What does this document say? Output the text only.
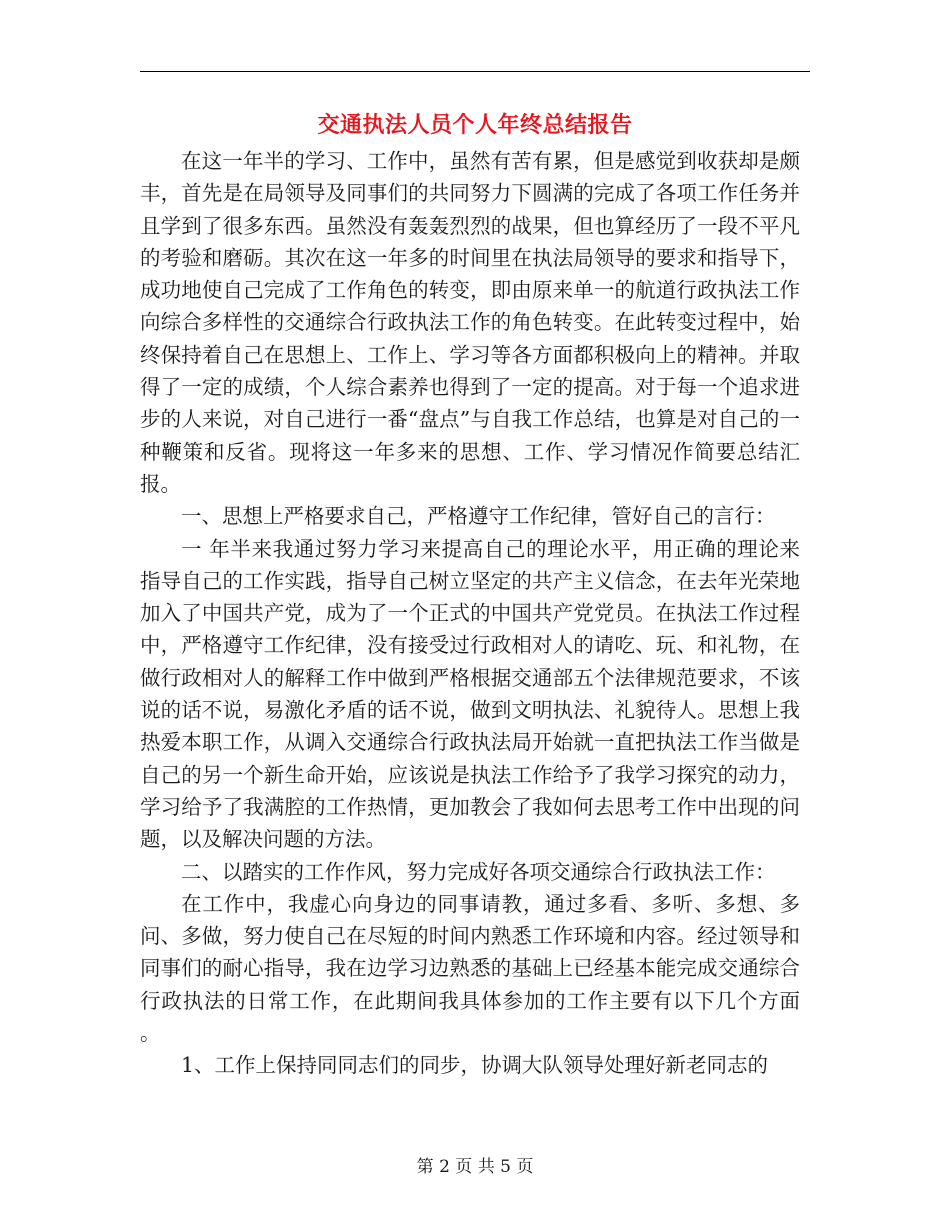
交通执法人员个人年终总结报告

在这一年半的学习、工作中，虽然有苦有累，但是感觉到收获却是颇丰，首先是在局领导及同事们的共同努力下圆满的完成了各项工作任务并且学到了很多东西。虽然没有轰轰烈烈的战果，但也算经历了一段不平凡的考验和磨砺。其次在这一年多的时间里在执法局领导的要求和指导下，成功地使自己完成了工作角色的转变，即由原来单一的航道行政执法工作向综合多样性的交通综合行政执法工作的角色转变。在此转变过程中，始终保持着自己在思想上、工作上、学习等各方面都积极向上的精神。并取得了一定的成绩，个人综合素养也得到了一定的提高。对于每一个追求进步的人来说，对自己进行一番“盘点”与自我工作总结，也算是对自己的一种鞭策和反省。现将这一年多来的思想、工作、学习情况作简要总结汇报。

一、思想上严格要求自己，严格遵守工作纪律，管好自己的言行：

一 年半来我通过努力学习来提高自己的理论水平，用正确的理论来指导自己的工作实践，指导自己树立坚定的共产主义信念，在去年光荣地加入了中国共产党，成为了一个正式的中国共产党党员。在执法工作过程中，严格遵守工作纪律，没有接受过行政相对人的请吃、玩、和礼物，在做行政相对人的解释工作中做到严格根据交通部五个法律规范要求，不该说的话不说，易激化矛盾的话不说，做到文明执法、礼貌待人。思想上我热爱本职工作，从调入交通综合行政执法局开始就一直把执法工作当做是自己的另一个新生命开始，应该说是执法工作给予了我学习探究的动力，学习给予了我满腔的工作热情，更加教会了我如何去思考工作中出现的问题，以及解决问题的方法。

二、以踏实的工作作风，努力完成好各项交通综合行政执法工作：

在工作中，我虚心向身边的同事请教，通过多看、多听、多想、多问、多做，努力使自己在尽短的时间内熟悉工作环境和内容。经过领导和同事们的耐心指导，我在边学习边熟悉的基础上已经基本能完成交通综合行政执法的日常工作，在此期间我具体参加的工作主要有以下几个方面 。

1、工作上保持同同志们的同步，协调大队领导处理好新老同志的

第 2 页 共 5 页
